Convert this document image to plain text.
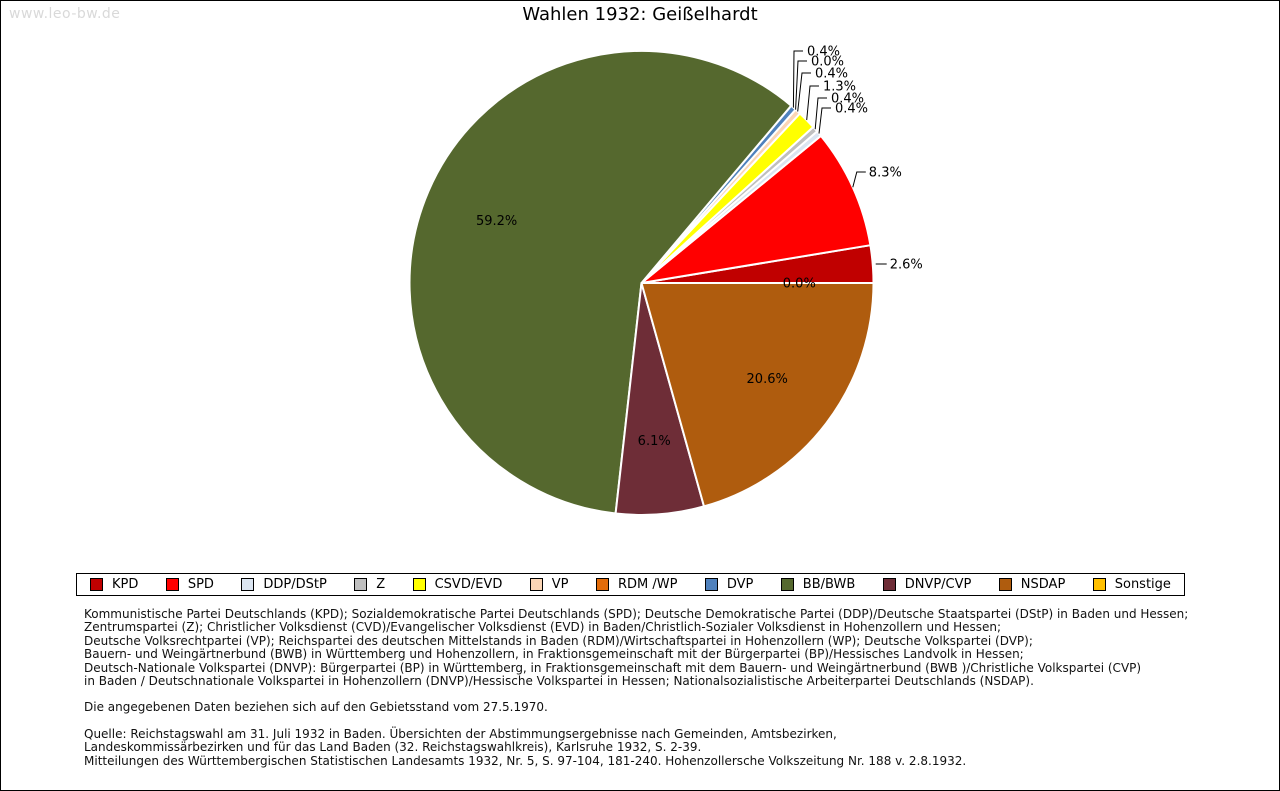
www.leo-bw.de	Wahlen 1932: Geißelhardt
59.2%
6.1%
20.6%
0.0%
2.6%
8.3%
0.4%
0.0%
0.4%
1.3%
0.4%
0.4%
KPD	SPD	DDP/DStP	Z	CSVD/EVD	VP	RDM /WP	DVP	BB/BWB	DNVP/CVP	NSDAP	Sonstige
Kommunistische Partei Deutschlands (KPD); Sozialdemokratische Partei Deutschlands (SPD); Deutsche Demokratische Partei (DDP)/Deutsche Staatspartei (DStP) in Baden und Hessen;
Zentrumspartei (Z); Christlicher Volksdienst (CVD)/Evangelischer Volksdienst (EVD) in Baden/Christlich-Sozialer Volksdienst in Hohenzollern und Hessen;
Deutsche Volksrechtpartei (VP); Reichspartei des deutschen Mittelstands in Baden (RDM)/Wirtschaftspartei in Hohenzollern (WP); Deutsche Volkspartei (DVP);
Bauern- und Weingärtnerbund (BWB) in Württemberg und Hohenzollern, in Fraktionsgemeinschaft mit der Bürgerpartei (BP)/Hessisches Landvolk in Hessen;
Deutsch-Nationale Volkspartei (DNVP): Bürgerpartei (BP) in Württemberg, in Fraktionsgemeinschaft mit dem Bauern- und Weingärtnerbund (BWB )/Christliche Volkspartei (CVP)
in Baden / Deutschnationale Volkspartei in Hohenzollern (DNVP)/Hessische Volkspartei in Hessen; Nationalsozialistische Arbeiterpartei Deutschlands (NSDAP).
Die angegebenen Daten beziehen sich auf den Gebietsstand vom 27.5.1970.
Quelle: Reichstagswahl am 31. Juli 1932 in Baden. Übersichten der Abstimmungsergebnisse nach Gemeinden, Amtsbezirken,
Landeskommissärbezirken und für das Land Baden (32. Reichstagswahlkreis), Karlsruhe 1932, S. 2-39.
Mitteilungen des Württembergischen Statistischen Landesamts 1932, Nr. 5, S. 97-104, 181-240. Hohenzollersche Volkszeitung Nr. 188 v. 2.8.1932.
